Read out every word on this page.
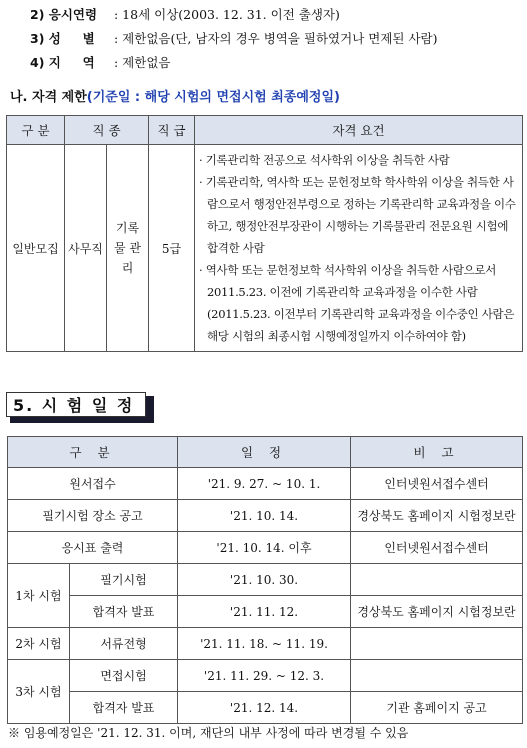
2) 응시연령	: 18세 이상(2003. 12. 31. 이전 출생자)
3) 성     별	: 제한없음(단, 남자의 경우 병역을 필하였거나 면제된 사람)
4) 지     역	: 제한없음
나. 자격 제한(기준일 : 해당 시험의 면접시험 최종예정일)
구 분	직 종		직 급	자격 요건
일반모집	사무직	기록물 관 리	5급	· 기록관리학 전공으로 석사학위 이상을 취득한 사람
· 기록관리학, 역사학 또는 문헌정보학 학사학위 이상을 취득한 사람으로서 행정안전부령으로 정하는 기록관리학 교육과정을 이수하고, 행정안전부장관이 시행하는 기록물관리 전문요원 시험에 합격한 사람
· 역사학 또는 문헌정보학 석사학위 이상을 취득한 사람으로서 2011.5.23. 이전에 기록관리학 교육과정을 이수한 사람(2011.5.23. 이전부터 기록관리학 교육과정을 이수중인 사람은 해당 시험의 최종시험 시행예정일까지 이수하여야 함)
5. 시 험 일 정
구 분		일 정	비 고
원서접수		'21. 9. 27. ~ 10. 1.	인터넷원서접수센터
필기시험 장소 공고		'21. 10. 14.	경상북도 홈페이지 시험정보란
응시표 출력		'21. 10. 14. 이후	인터넷원서접수센터
1차 시험	필기시험	'21. 10. 30.	
	합격자 발표	'21. 11. 12.	경상북도 홈페이지 시험정보란
2차 시험	서류전형	'21. 11. 18. ~ 11. 19.	
3차 시험	면접시험	'21. 11. 29. ~ 12. 3.	
	합격자 발표	'21. 12. 14.	기관 홈페이지 공고
※ 임용예정일은 '21. 12. 31. 이며, 재단의 내부 사정에 따라 변경될 수 있음
